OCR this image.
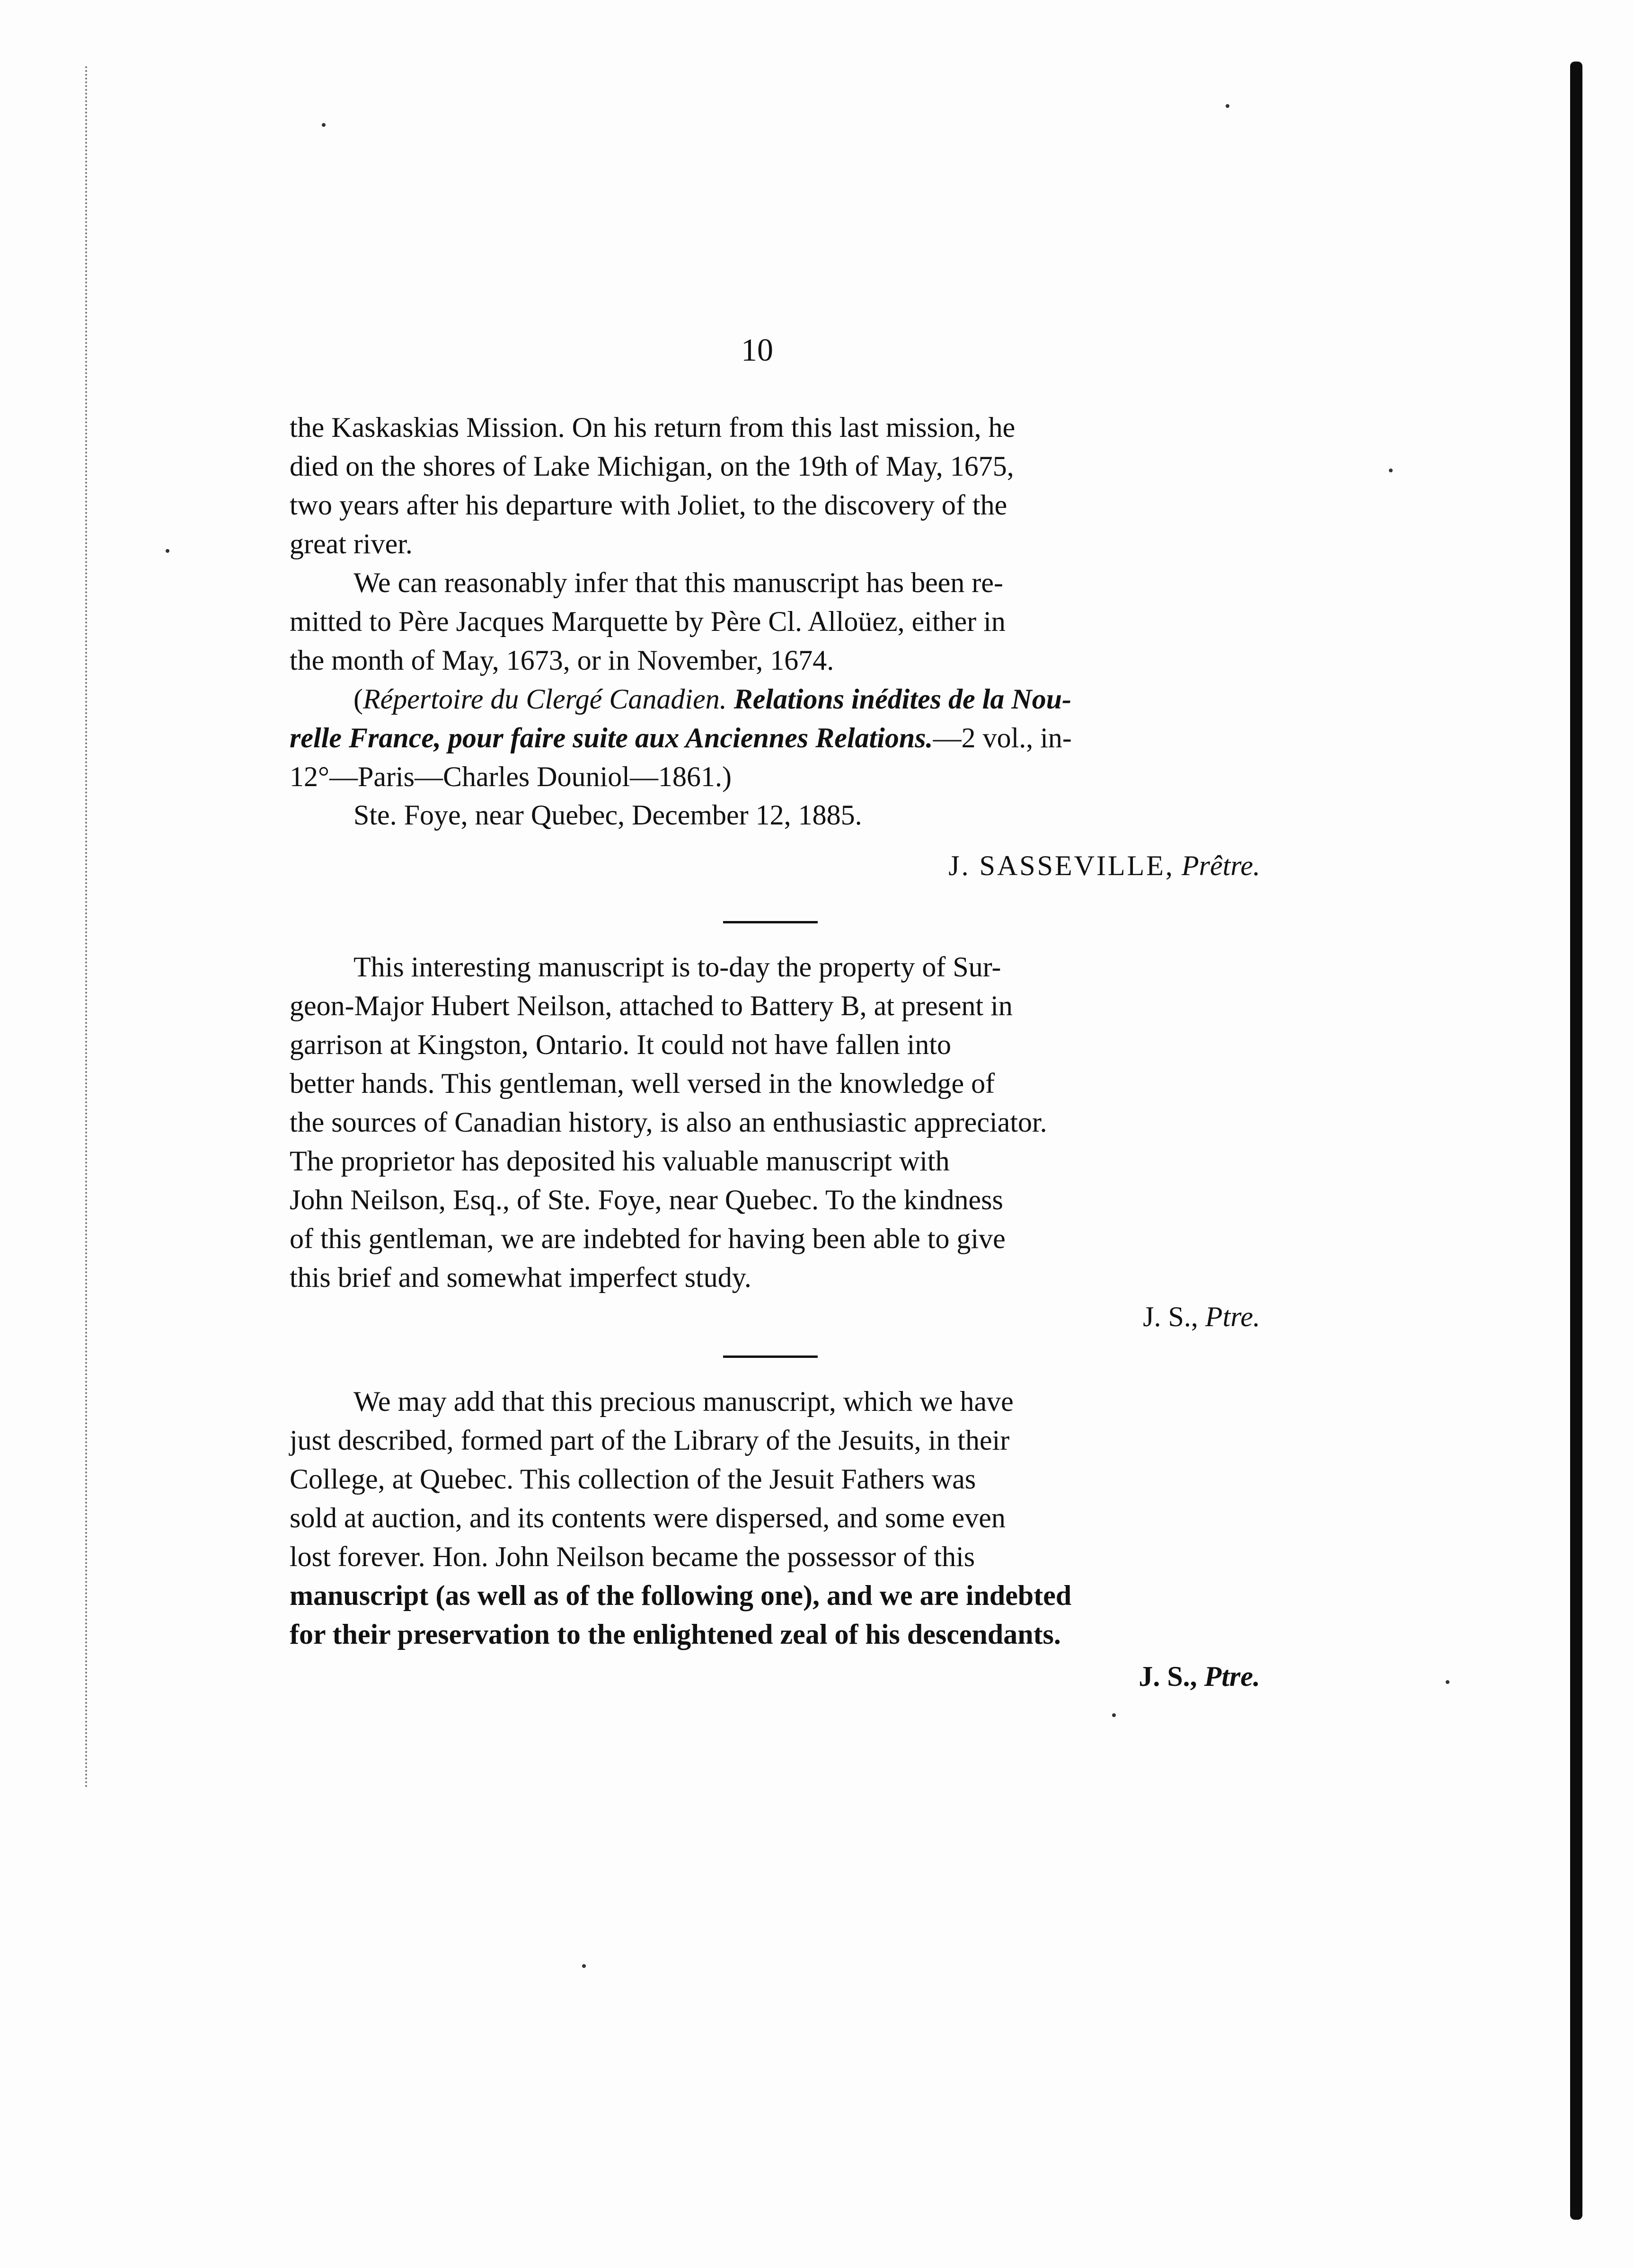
10

the Kaskaskias Mission. On his return from this last mission, he

died on the shores of Lake Michigan, on the 19th of May, 1675,

two years after his departure with Joliet, to the discovery of the

great river.

We can reasonably infer that this manuscript has been re-

mitted to Père Jacques Marquette by Père Cl. Alloüez, either in

the month of May, 1673, or in November, 1674.

(Répertoire du Clergé Canadien. Relations inédites de la Nou-

relle France, pour faire suite aux Anciennes Relations.—2 vol., in-

12°—Paris—Charles Douniol—1861.)

Ste. Foye, near Quebec, December 12, 1885.
J. SASSEVILLE, Prêtre.

This interesting manuscript is to-day the property of Sur-

geon-Major Hubert Neilson, attached to Battery B, at present in

garrison at Kingston, Ontario. It could not have fallen into

better hands. This gentleman, well versed in the knowledge of

the sources of Canadian history, is also an enthusiastic appreciator.

The proprietor has deposited his valuable manuscript with

John Neilson, Esq., of Ste. Foye, near Quebec. To the kindness

of this gentleman, we are indebted for having been able to give

this brief and somewhat imperfect study.

J. S., Ptre.

We may add that this precious manuscript, which we have

just described, formed part of the Library of the Jesuits, in their

College, at Quebec. This collection of the Jesuit Fathers was

sold at auction, and its contents were dispersed, and some even

lost forever. Hon. John Neilson became the possessor of this

manuscript (as well as of the following one), and we are indebted

for their preservation to the enlightened zeal of his descendants.

J. S., Ptre.
